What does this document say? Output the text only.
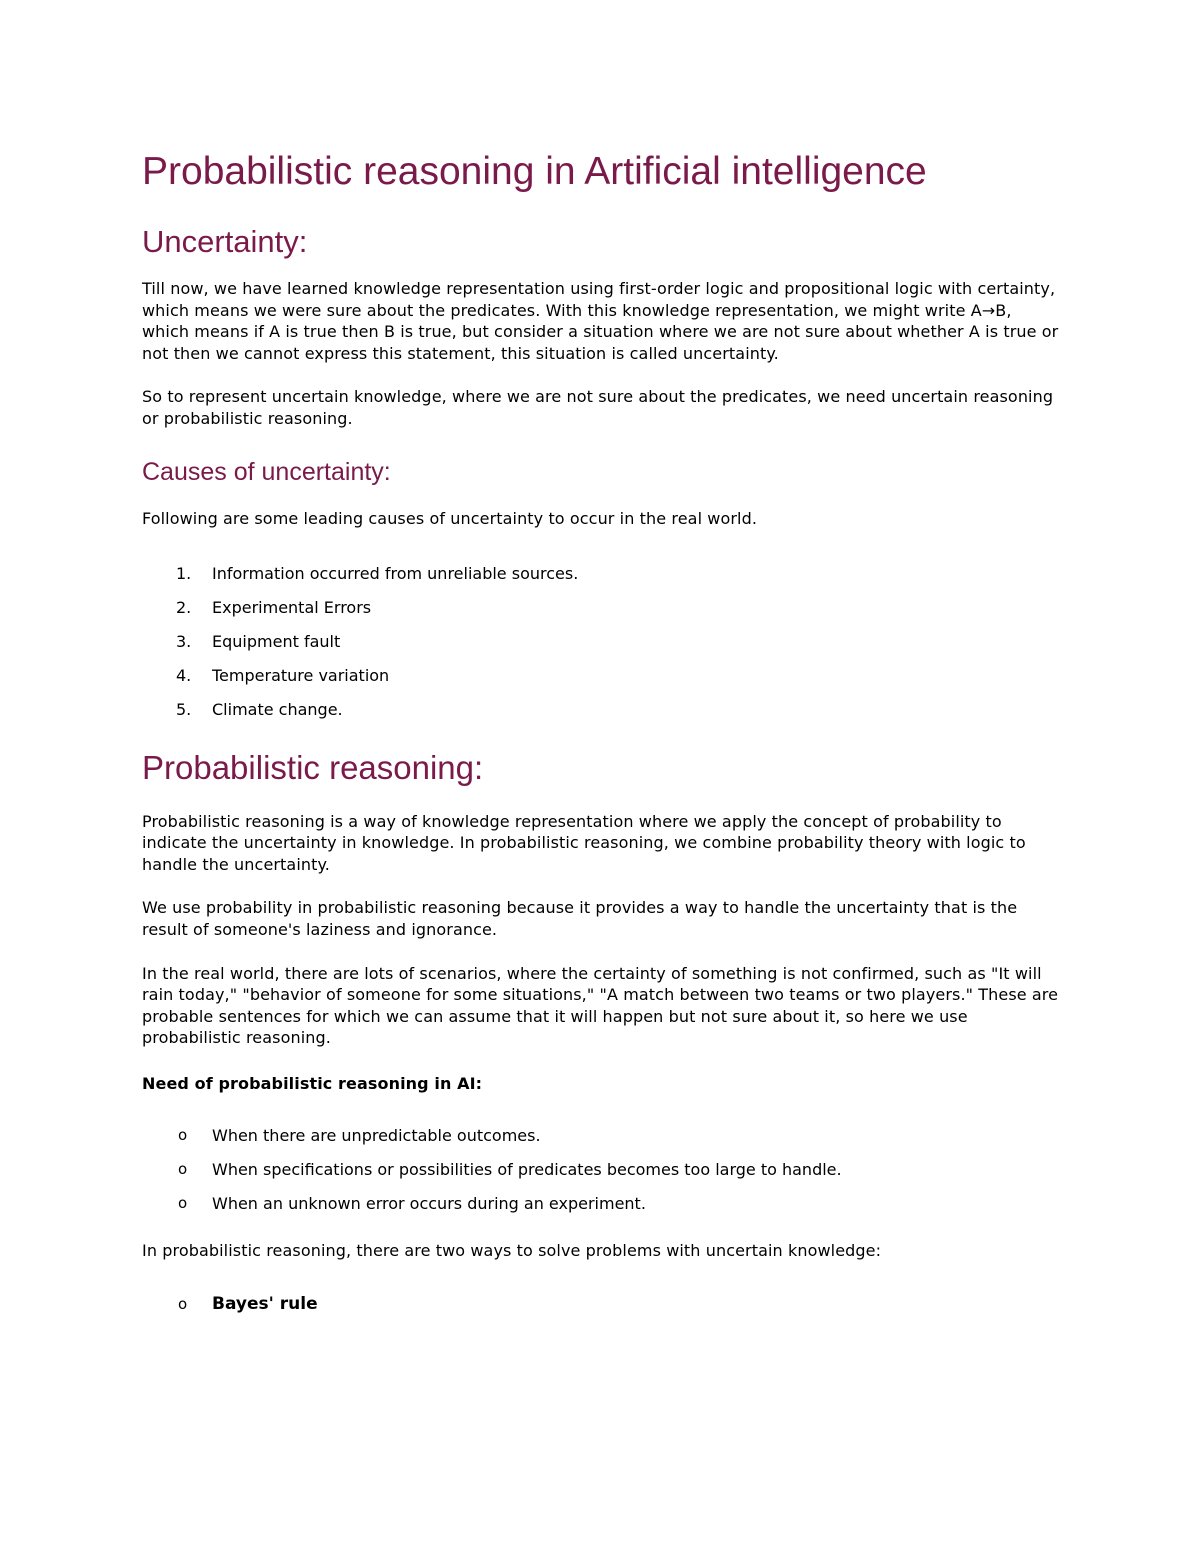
Probabilistic reasoning in Artificial intelligence
Uncertainty:

Till now, we have learned knowledge representation using first-order logic and propositional logic with certainty, which means we were sure about the predicates. With this knowledge representation, we might write A→B, which means if A is true then B is true, but consider a situation where we are not sure about whether A is true or not then we cannot express this statement, this situation is called uncertainty.

So to represent uncertain knowledge, where we are not sure about the predicates, we need uncertain reasoning or probabilistic reasoning.

Causes of uncertainty:

Following are some leading causes of uncertainty to occur in the real world.

1.	Information occurred from unreliable sources.
2.	Experimental Errors
3.	Equipment fault
4.	Temperature variation
5.	Climate change.
Probabilistic reasoning:

Probabilistic reasoning is a way of knowledge representation where we apply the concept of probability to indicate the uncertainty in knowledge. In probabilistic reasoning, we combine probability theory with logic to handle the uncertainty.

We use probability in probabilistic reasoning because it provides a way to handle the uncertainty that is the result of someone's laziness and ignorance.

In the real world, there are lots of scenarios, where the certainty of something is not confirmed, such as "It will rain today," "behavior of someone for some situations," "A match between two teams or two players." These are probable sentences for which we can assume that it will happen but not sure about it, so here we use probabilistic reasoning.

Need of probabilistic reasoning in AI:

o	When there are unpredictable outcomes.
o	When specifications or possibilities of predicates becomes too large to handle.
o	When an unknown error occurs during an experiment.

In probabilistic reasoning, there are two ways to solve problems with uncertain knowledge:

o	Bayes' rule
